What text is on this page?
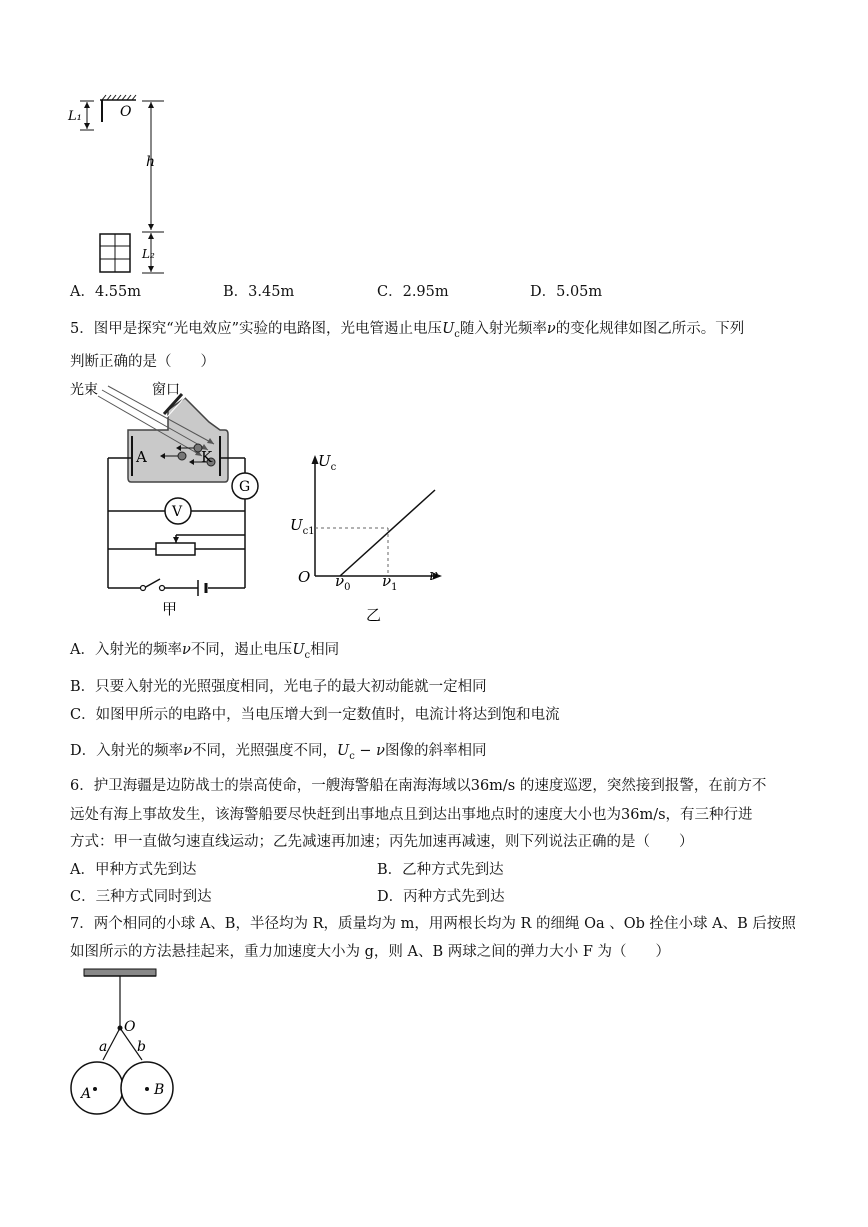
L₁	O
h
L₂
A．4.55m	B．3.45m	C．2.95m	D．5.05m
5．图甲是探究“光电效应”实验的电路图，光电管遏止电压$U_c$随入射光频率ν的变化规律如图乙所示。下列
判断正确的是（　　）
光束	窗口
A	K
G
V
甲
$U_c$
$U_{c1}$
O $\nu_0$ $\nu_1$
ν
乙
A．入射光的频率ν不同，遏止电压$U_c$相同
B．只要入射光的光照强度相同，光电子的最大初动能就一定相同
C．如图甲所示的电路中，当电压增大到一定数值时，电流计将达到饱和电流
D．入射光的频率ν不同，光照强度不同，$U_c - \nu$图像的斜率相同
6．护卫海疆是边防战士的崇高使命，一艘海警船在南海海域以36m/s 的速度巡逻，突然接到报警，在前方不
远处有海上事故发生，该海警船要尽快赶到出事地点且到达出事地点时的速度大小也为36m/s，有三种行进
方式：甲一直做匀速直线运动；乙先减速再加速；丙先加速再减速，则下列说法正确的是（　　）
A．甲种方式先到达	B．乙种方式先到达
C．三种方式同时到达	D．丙种方式先到达
7．两个相同的小球 A、B，半径均为 R，质量均为 m，用两根长均为 R 的细绳 Oa 、Ob 拴住小球 A、B 后按照
如图所示的方法悬挂起来，重力加速度大小为 g，则 A、B 两球之间的弹力大小 F 为（　　）
O
a b
A	B
